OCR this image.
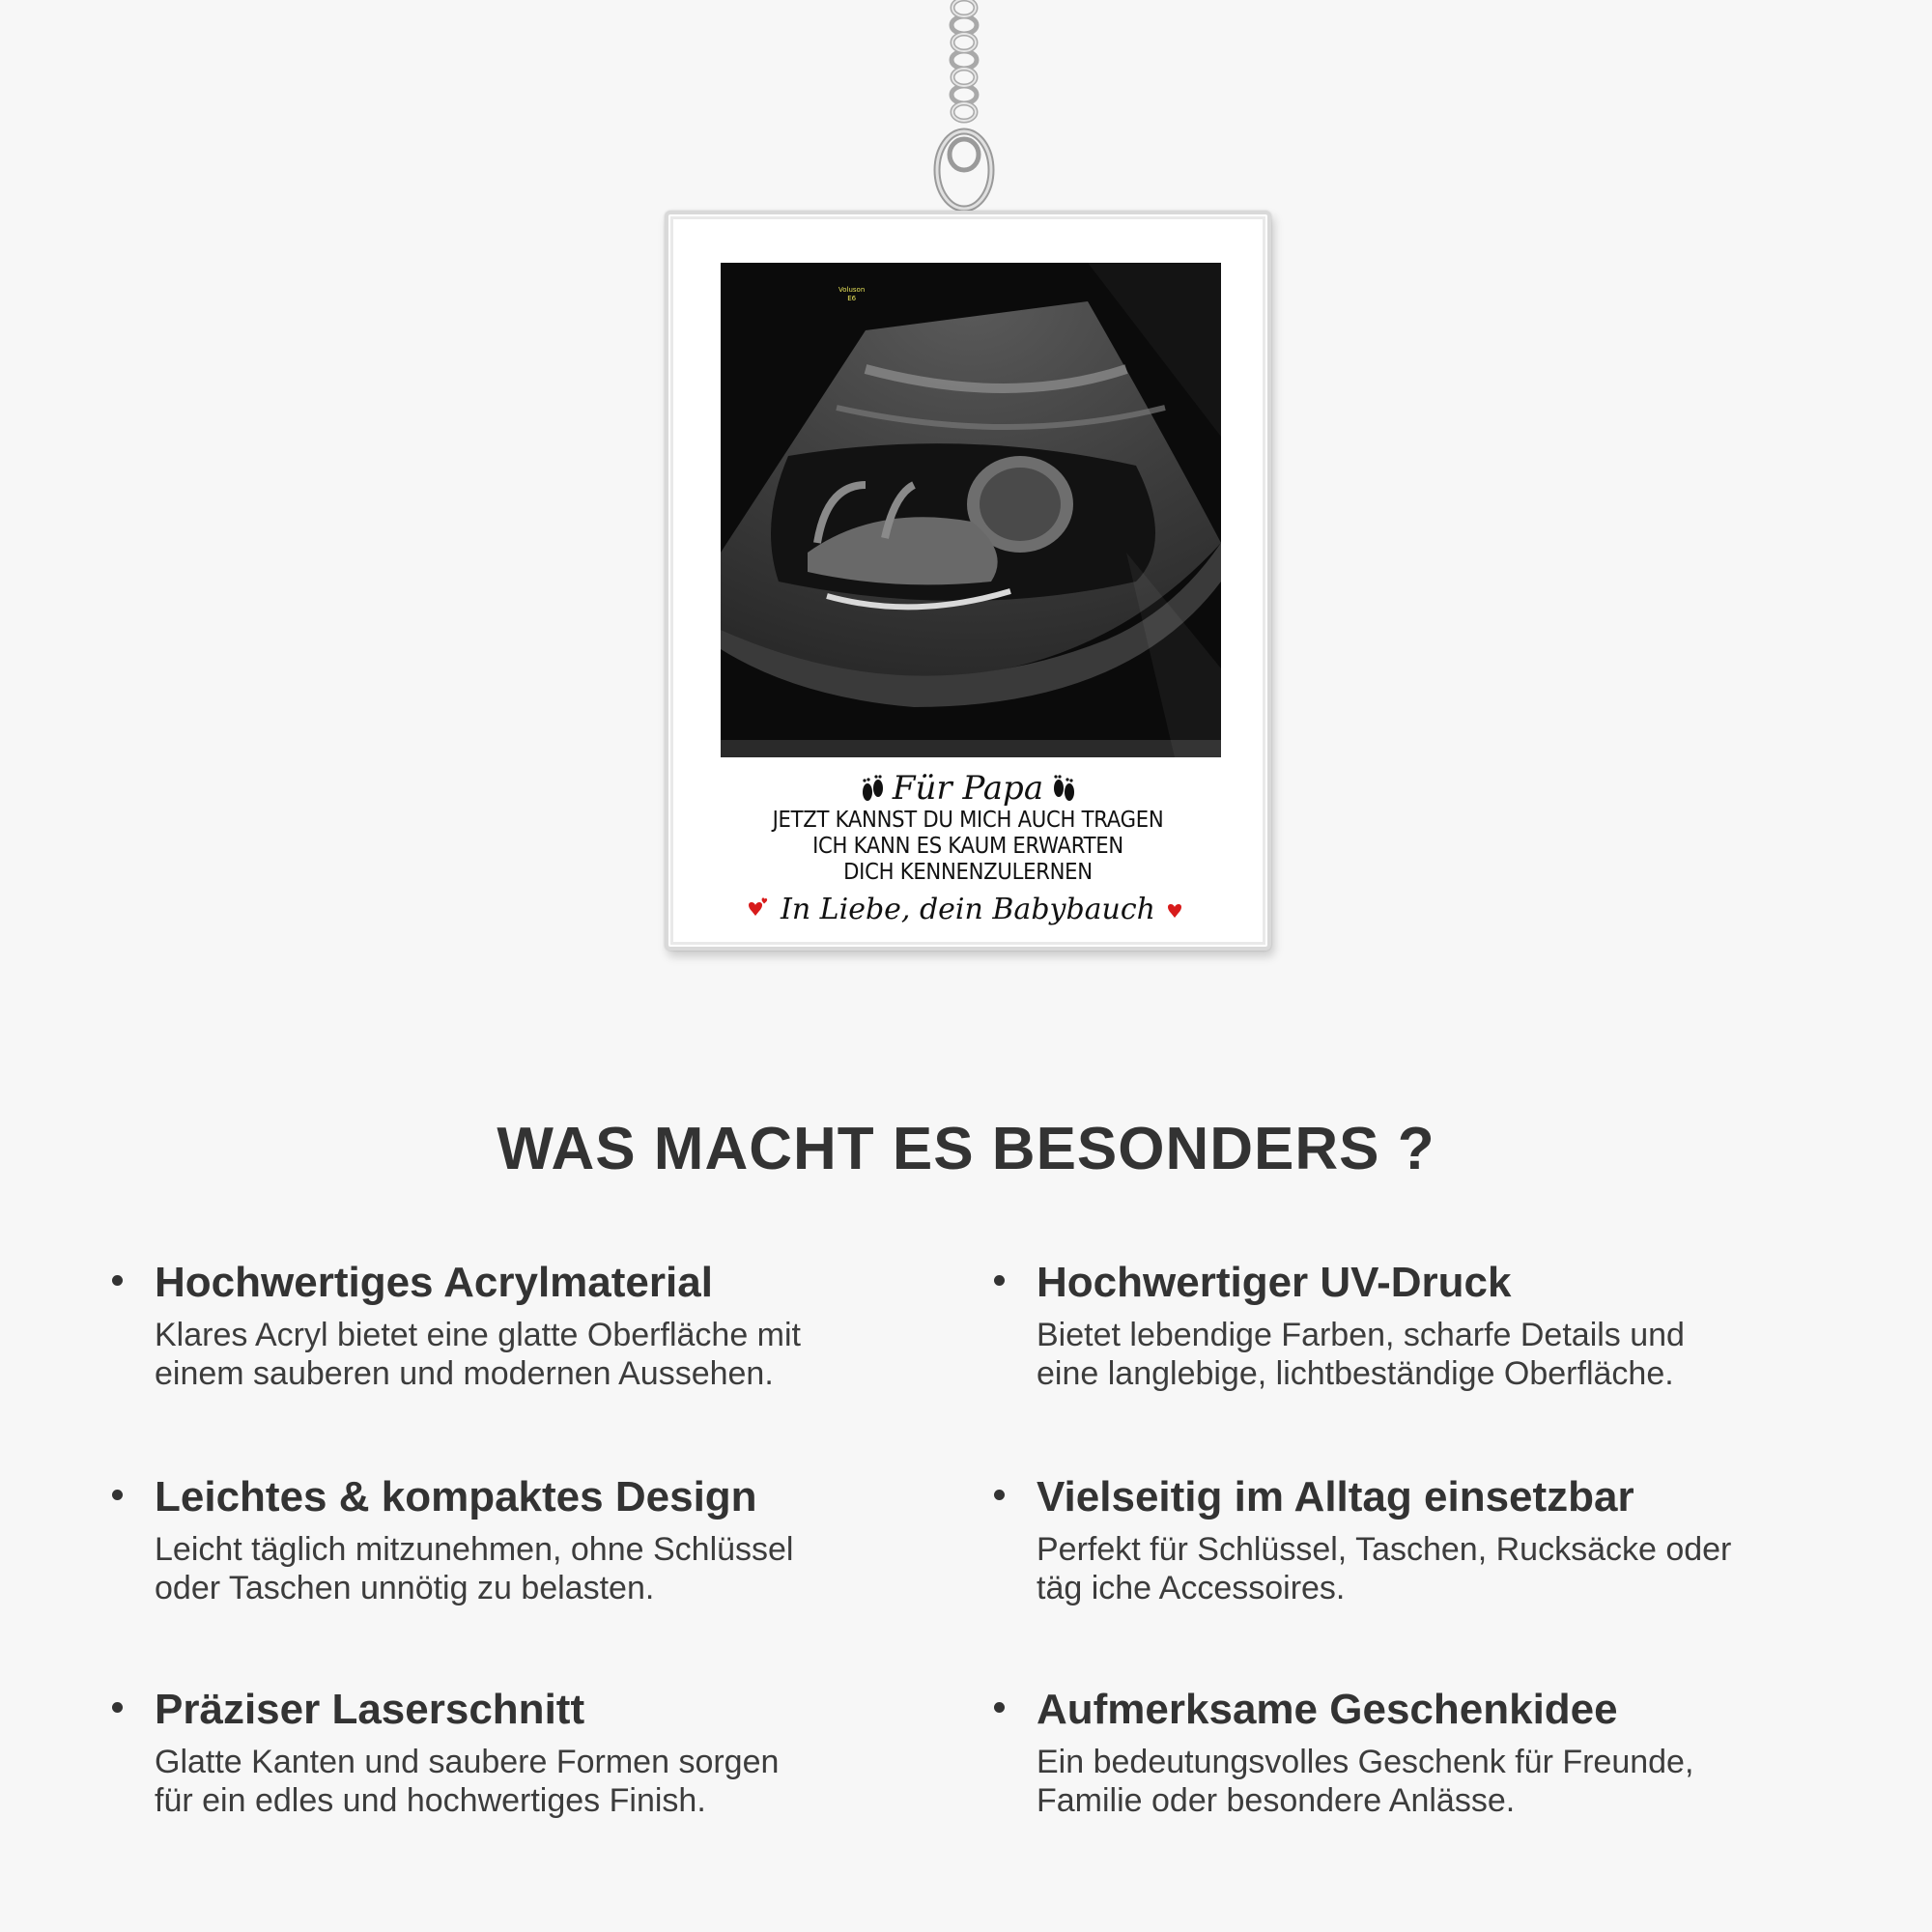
Voluson
E6
Für Papa
JETZT KANNST DU MICH AUCH TRAGEN
ICH KANN ES KAUM ERWARTEN
DICH KENNENZULERNEN
In Liebe, dein Babybauch
WAS MACHT ES BESONDERS ?
Hochwertiges Acrylmaterial
Klares Acryl bietet eine glatte Oberfläche mit
einem sauberen und modernen Aussehen.
Hochwertiger UV-Druck
Bietet lebendige Farben, scharfe Details und
eine langlebige, lichtbeständige Oberfläche.
Leichtes & kompaktes Design
Leicht täglich mitzunehmen, ohne Schlüssel
oder Taschen unnötig zu belasten.
Vielseitig im Alltag einsetzbar
Perfekt für Schlüssel, Taschen, Rucksäcke oder
täg iche Accessoires.
Präziser Laserschnitt
Glatte Kanten und saubere Formen sorgen
für ein edles und hochwertiges Finish.
Aufmerksame Geschenkidee
Ein bedeutungsvolles Geschenk für Freunde,
Familie oder besondere Anlässe.
